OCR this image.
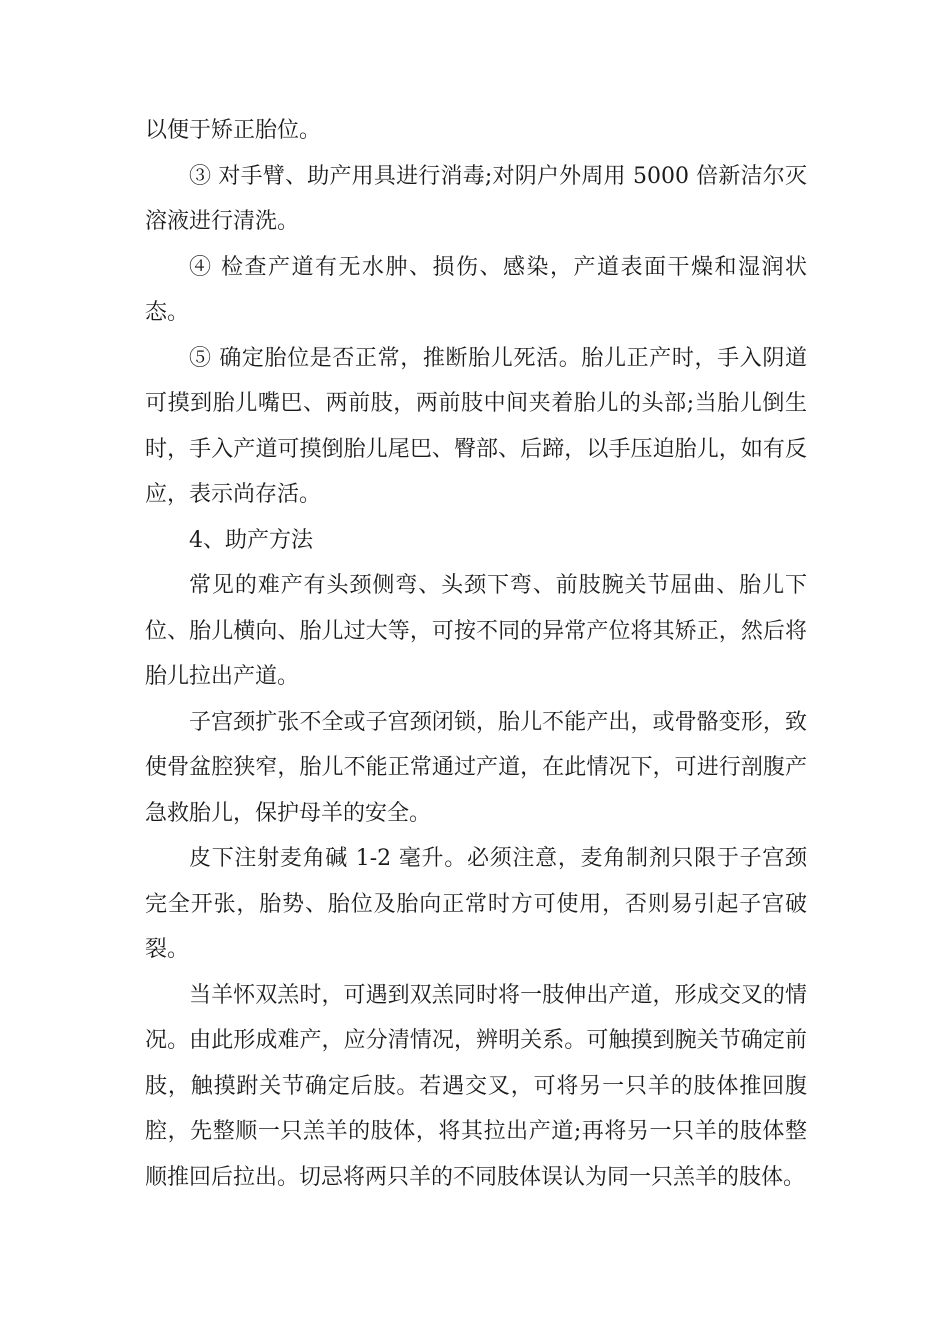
以便于矫正胎位。

③ 对手臂、助产用具进行消毒;对阴户外周用 5000 倍新洁尔灭溶液进行清洗。

④ 检查产道有无水肿、损伤、感染，产道表面干燥和湿润状态。

⑤ 确定胎位是否正常，推断胎儿死活。胎儿正产时，手入阴道可摸到胎儿嘴巴、两前肢，两前肢中间夹着胎儿的头部;当胎儿倒生时，手入产道可摸倒胎儿尾巴、臀部、后蹄，以手压迫胎儿，如有反应，表示尚存活。

4、助产方法

常见的难产有头颈侧弯、头颈下弯、前肢腕关节屈曲、胎儿下位、胎儿横向、胎儿过大等，可按不同的异常产位将其矫正，然后将胎儿拉出产道。

子宫颈扩张不全或子宫颈闭锁，胎儿不能产出，或骨骼变形，致使骨盆腔狭窄，胎儿不能正常通过产道，在此情况下，可进行剖腹产急救胎儿，保护母羊的安全。

皮下注射麦角碱 1-2 毫升。必须注意，麦角制剂只限于子宫颈完全开张，胎势、胎位及胎向正常时方可使用，否则易引起子宫破裂。

当羊怀双羔时，可遇到双羔同时将一肢伸出产道，形成交叉的情况。由此形成难产，应分清情况，辨明关系。可触摸到腕关节确定前肢，触摸跗关节确定后肢。若遇交叉，可将另一只羊的肢体推回腹腔，先整顺一只羔羊的肢体，将其拉出产道;再将另一只羊的肢体整顺推回后拉出。切忌将两只羊的不同肢体误认为同一只羔羊的肢体。
